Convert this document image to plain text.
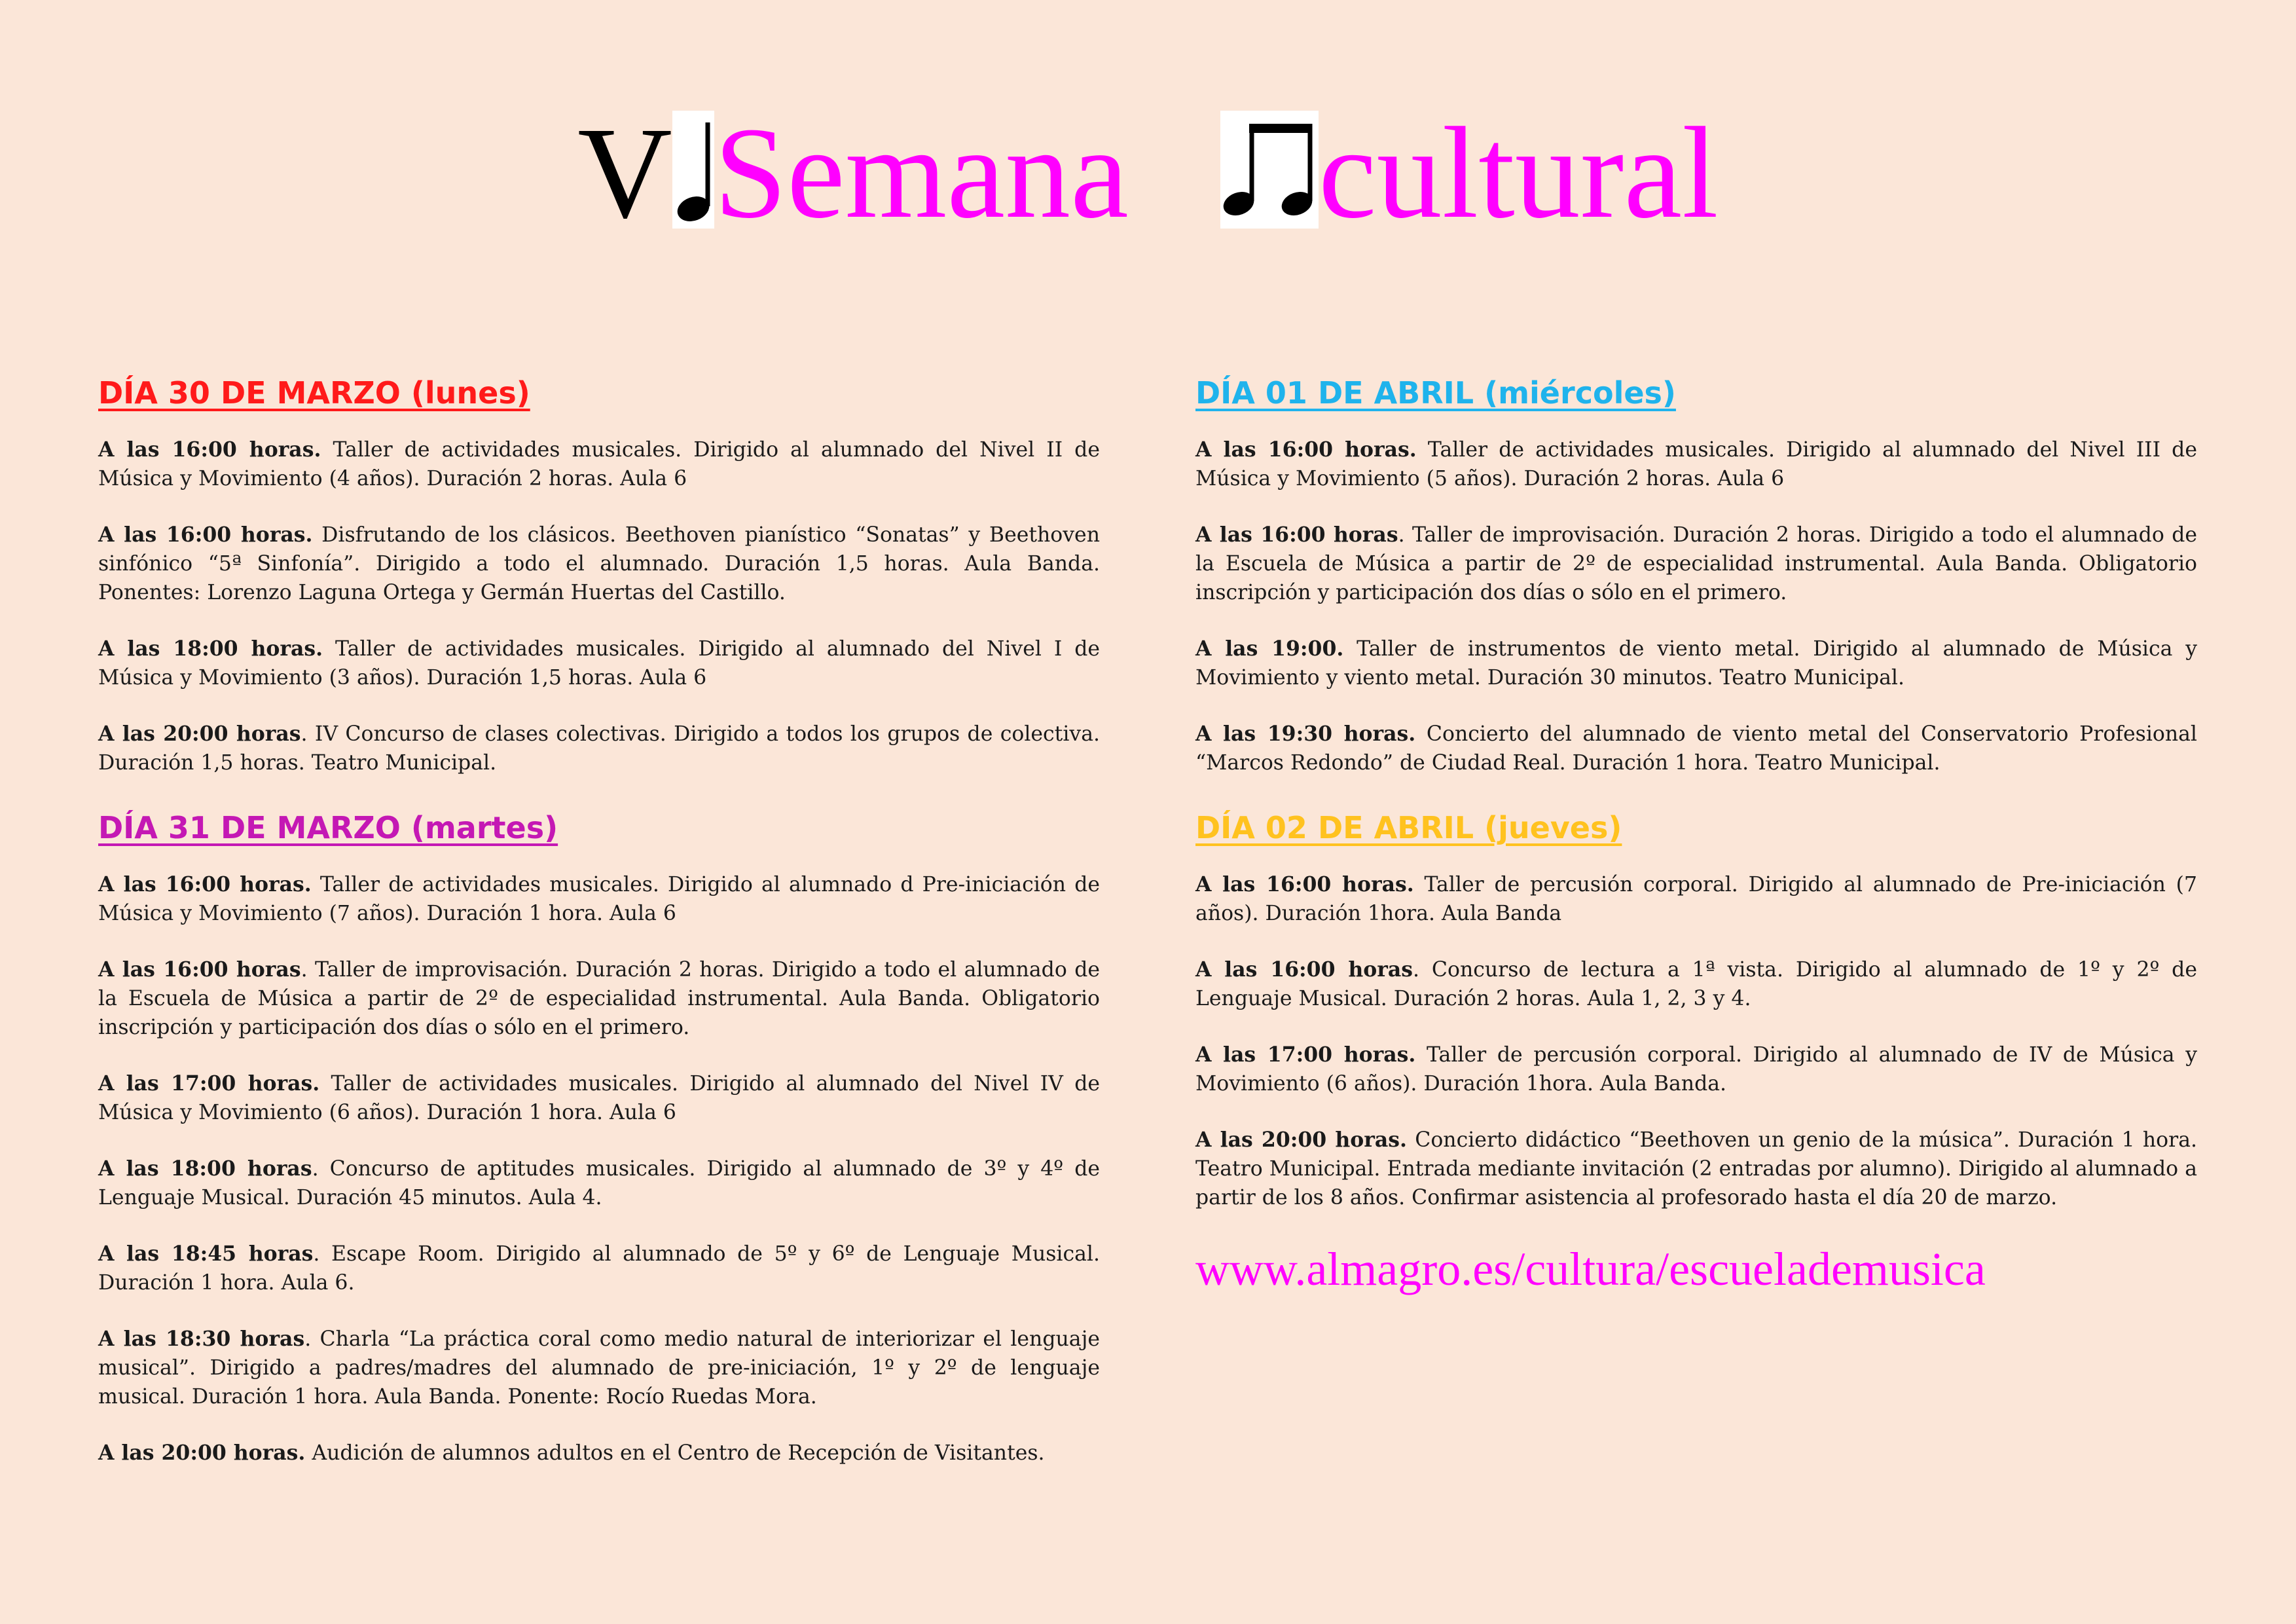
V Semana cultural
DÍA 30 DE MARZO (lunes)

A las 16:00 horas. Taller de actividades musicales. Dirigido al alumnado del Nivel II de Música y Movimiento (4 años). Duración 2 horas. Aula 6

A las 16:00 horas. Disfrutando de los clásicos. Beethoven pianístico “Sonatas” y Beethoven sinfónico “5ª Sinfonía”. Dirigido a todo el alumnado. Duración 1,5 horas. Aula Banda. Ponentes: Lorenzo Laguna Ortega y Germán Huertas del Castillo.

A las 18:00 horas. Taller de actividades musicales. Dirigido al alumnado del Nivel I de Música y Movimiento (3 años). Duración 1,5 horas. Aula 6

A las 20:00 horas. IV Concurso de clases colectivas. Dirigido a todos los grupos de colectiva. Duración 1,5 horas. Teatro Municipal.

DÍA 31 DE MARZO (martes)

A las 16:00 horas. Taller de actividades musicales. Dirigido al alumnado d Pre-iniciación de Música y Movimiento (7 años). Duración 1 hora. Aula 6

A las 16:00 horas. Taller de improvisación. Duración 2 horas. Dirigido a todo el alumnado de la Escuela de Música a partir de 2º de especialidad instrumental. Aula Banda. Obligatorio inscripción y participación dos días o sólo en el primero.

A las 17:00 horas. Taller de actividades musicales. Dirigido al alumnado del Nivel IV de Música y Movimiento (6 años). Duración 1 hora. Aula 6

A las 18:00 horas. Concurso de aptitudes musicales. Dirigido al alumnado de 3º y 4º de Lenguaje Musical. Duración 45 minutos. Aula 4.

A las 18:45 horas. Escape Room. Dirigido al alumnado de 5º y 6º de Lenguaje Musical. Duración 1 hora. Aula 6.

A las 18:30 horas. Charla “La práctica coral como medio natural de interiorizar el lenguaje musical”. Dirigido a padres/madres del alumnado de pre-iniciación, 1º y 2º de lenguaje musical. Duración 1 hora. Aula Banda. Ponente: Rocío Ruedas Mora.

A las 20:00 horas. Audición de alumnos adultos en el Centro de Recepción de Visitantes.

DÍA 01 DE ABRIL (miércoles)

A las 16:00 horas. Taller de actividades musicales. Dirigido al alumnado del Nivel III de Música y Movimiento (5 años). Duración 2 horas. Aula 6

A las 16:00 horas. Taller de improvisación. Duración 2 horas. Dirigido a todo el alumnado de la Escuela de Música a partir de 2º de especialidad instrumental. Aula Banda. Obligatorio inscripción y participación dos días o sólo en el primero.

A las 19:00. Taller de instrumentos de viento metal. Dirigido al alumnado de Música y Movimiento y viento metal. Duración 30 minutos. Teatro Municipal.

A las 19:30 horas. Concierto del alumnado de viento metal del Conservatorio Profesional “Marcos Redondo” de Ciudad Real. Duración 1 hora. Teatro Municipal.

DÍA 02 DE ABRIL (jueves)

A las 16:00 horas. Taller de percusión corporal. Dirigido al alumnado de Pre-iniciación (7 años). Duración 1hora. Aula Banda

A las 16:00 horas. Concurso de lectura a 1ª vista. Dirigido al alumnado de 1º y 2º de Lenguaje Musical. Duración 2 horas. Aula 1, 2, 3 y 4.

A las 17:00 horas. Taller de percusión corporal. Dirigido al alumnado de IV de Música y Movimiento (6 años). Duración 1hora. Aula Banda.

A las 20:00 horas. Concierto didáctico “Beethoven un genio de la música”. Duración 1 hora. Teatro Municipal. Entrada mediante invitación (2 entradas por alumno). Dirigido al alumnado a partir de los 8 años. Confirmar asistencia al profesorado hasta el día 20 de marzo.

www.almagro.es/cultura/escuelademusica
